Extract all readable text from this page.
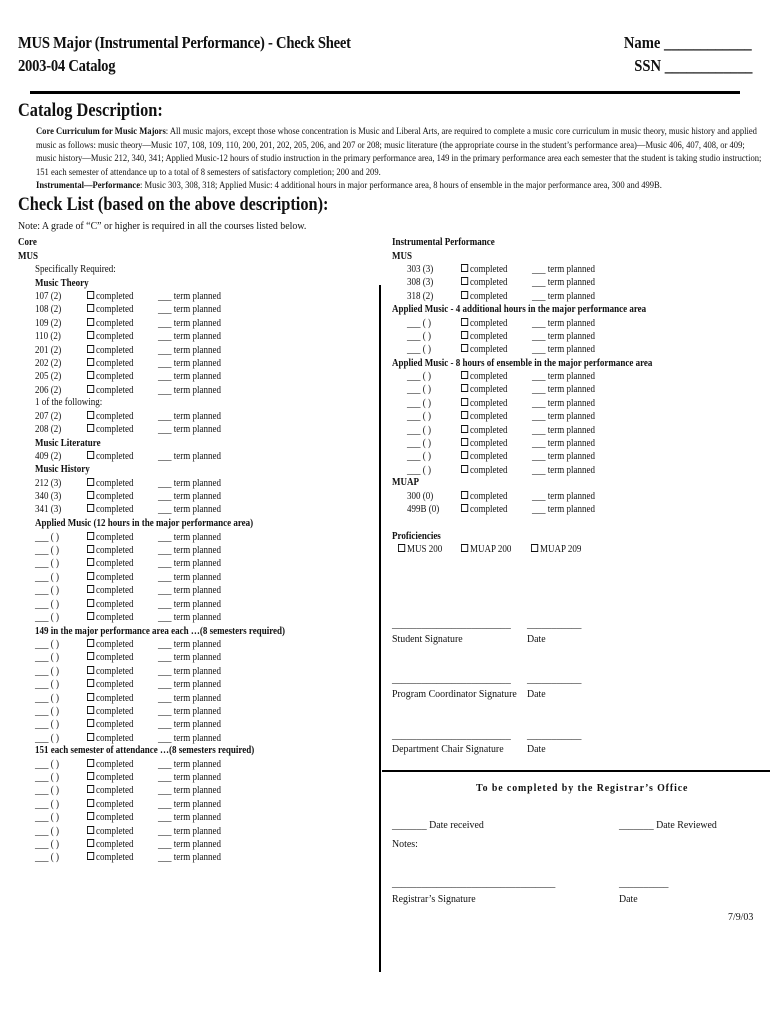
MUS Major (Instrumental Performance) - Check Sheet
2003-04 Catalog
Name ____________
SSN ____________
Catalog Description:
Core Curriculum for Music Majors: All music majors, except those whose concentration is Music and Liberal Arts, are required to complete a music core curriculum in music theory, music history and applied music as follows: music theory—Music 107, 108, 109, 110, 200, 201, 202, 205, 206, and 207 or 208; music literature (the appropriate course in the student’s performance area)—Music 406, 407, 408, or 409; music history—Music 212, 340, 341; Applied Music-12 hours of studio instruction in the primary performance area, 149 in the primary performance area each semester that the student is taking studio instruction; 151 each semester of attendance up to a total of 8 semesters of satisfactory completion; 200 and 209.
Instrumental—Performance: Music 303, 308, 318; Applied Music: 4 additional hours in major performance area, 8 hours of ensemble in the major performance area, 300 and 499B.
Check List (based on the above description):
Note: A grade of “C” or higher is required in all the courses listed below.
Core
MUS
Specifically Required:
Music Theory
107 (2)	completed ___ term planned
108 (2)	completed ___ term planned
109 (2)	completed ___ term planned
110 (2)	completed ___ term planned
201 (2)	completed ___ term planned
202 (2)	completed ___ term planned
205 (2)	completed ___ term planned
206 (2)	completed ___ term planned
1 of the following:
207 (2)	completed ___ term planned
208 (2)	completed ___ term planned
Music Literature
409 (2)	completed ___ term planned
Music History
212 (3)	completed ___ term planned
340 (3)	completed ___ term planned
341 (3)	completed ___ term planned
Applied Music (12 hours in the major performance area)
___ ( )	completed ___ term planned
___ ( )	completed ___ term planned
___ ( )	completed ___ term planned
___ ( )	completed ___ term planned
___ ( )	completed ___ term planned
___ ( )	completed ___ term planned
___ ( )	completed ___ term planned
149 in the major performance area each …(8 semesters required)
___ ( )	completed ___ term planned
___ ( )	completed ___ term planned
___ ( )	completed ___ term planned
___ ( )	completed ___ term planned
___ ( )	completed ___ term planned
___ ( )	completed ___ term planned
___ ( )	completed ___ term planned
___ ( )	completed ___ term planned
151 each semester of attendance …(8 semesters required)
___ ( )	completed ___ term planned
___ ( )	completed ___ term planned
___ ( )	completed ___ term planned
___ ( )	completed ___ term planned
___ ( )	completed ___ term planned
___ ( )	completed ___ term planned
___ ( )	completed ___ term planned
___ ( )	completed ___ term planned
Instrumental Performance
MUS
303 (3)	completed ___ term planned
308 (3)	completed ___ term planned
318 (2)	completed ___ term planned
Applied Music - 4 additional hours in the major performance area
___ ( )	completed ___ term planned
___ ( )	completed ___ term planned
___ ( )	completed ___ term planned
Applied Music - 8 hours of ensemble in the major performance area
___ ( )	completed ___ term planned
___ ( )	completed ___ term planned
___ ( )	completed ___ term planned
___ ( )	completed ___ term planned
___ ( )	completed ___ term planned
___ ( )	completed ___ term planned
___ ( )	completed ___ term planned
___ ( )	completed ___ term planned
MUAP
300 (0)	completed ___ term planned
499B (0)	completed ___ term planned
Proficiencies
MUS 200	MUAP 200	MUAP 209
________________________ ___________
Student Signature	Date
________________________ ___________
Program Coordinator Signature Date
________________________ ___________
Department Chair Signature Date
To be completed by the Registrar’s Office
_______ Date received	_______ Date Reviewed
Notes:
_________________________________	__________
Registrar’s Signature	Date
7/9/03
